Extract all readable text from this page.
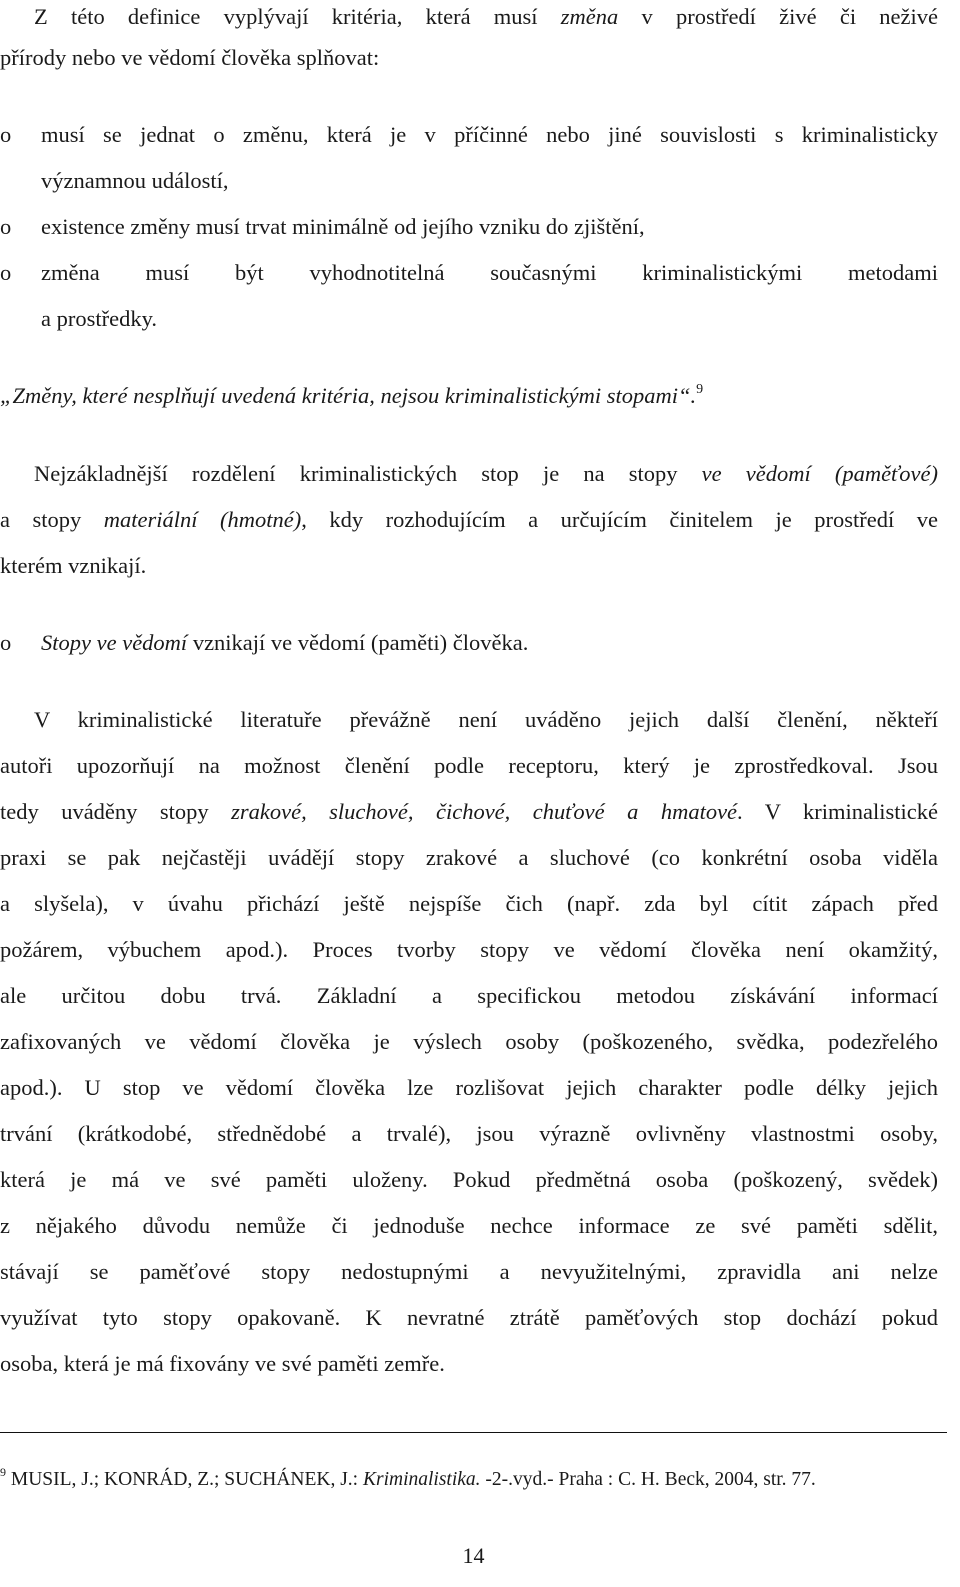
Z této definice vyplývají kritéria, která musí změna v prostředí živé či neživé
přírody nebo ve vědomí člověka splňovat:
o musí se jednat o změnu, která je v příčinné nebo jiné souvislosti s kriminalisticky
významnou událostí,
o existence změny musí trvat minimálně od jejího vzniku do zjištění,
o změna musí být vyhodnotitelná současnými kriminalistickými metodami
a prostředky.
„Změny, které nesplňují uvedená kritéria, nejsou kriminalistickými stopami“.$^9$
Nejzákladnější rozdělení kriminalistických stop je na stopy ve vědomí (paměťové)
a stopy materiální (hmotné), kdy rozhodujícím a určujícím činitelem je prostředí ve
kterém vznikají.
o Stopy ve vědomí vznikají ve vědomí (paměti) člověka.
V kriminalistické literatuře převážně není uváděno jejich další členění, někteří
autoři upozorňují na možnost členění podle receptoru, který je zprostředkoval. Jsou
tedy uváděny stopy zrakové, sluchové, čichové, chuťové a hmatové. V kriminalistické
praxi se pak nejčastěji uvádějí stopy zrakové a sluchové (co konkrétní osoba viděla
a slyšela), v úvahu přichází ještě nejspíše čich (např. zda byl cítit zápach před
požárem, výbuchem apod.). Proces tvorby stopy ve vědomí člověka není okamžitý,
ale určitou dobu trvá. Základní a specifickou metodou získávání informací
zafixovaných ve vědomí člověka je výslech osoby (poškozeného, svědka, podezřelého
apod.). U stop ve vědomí člověka lze rozlišovat jejich charakter podle délky jejich
trvání (krátkodobé, střednědobé a trvalé), jsou výrazně ovlivněny vlastnostmi osoby,
která je má ve své paměti uloženy. Pokud předmětná osoba (poškozený, svědek)
z nějakého důvodu nemůže či jednoduše nechce informace ze své paměti sdělit,
stávají se paměťové stopy nedostupnými a nevyužitelnými, zpravidla ani nelze
využívat tyto stopy opakovaně. K nevratné ztrátě paměťových stop dochází pokud
osoba, která je má fixovány ve své paměti zemře.
$^9$ MUSIL, J.; KONRÁD, Z.; SUCHÁNEK, J.: Kriminalistika. -2-.vyd.- Praha : C. H. Beck, 2004, str. 77.
14
